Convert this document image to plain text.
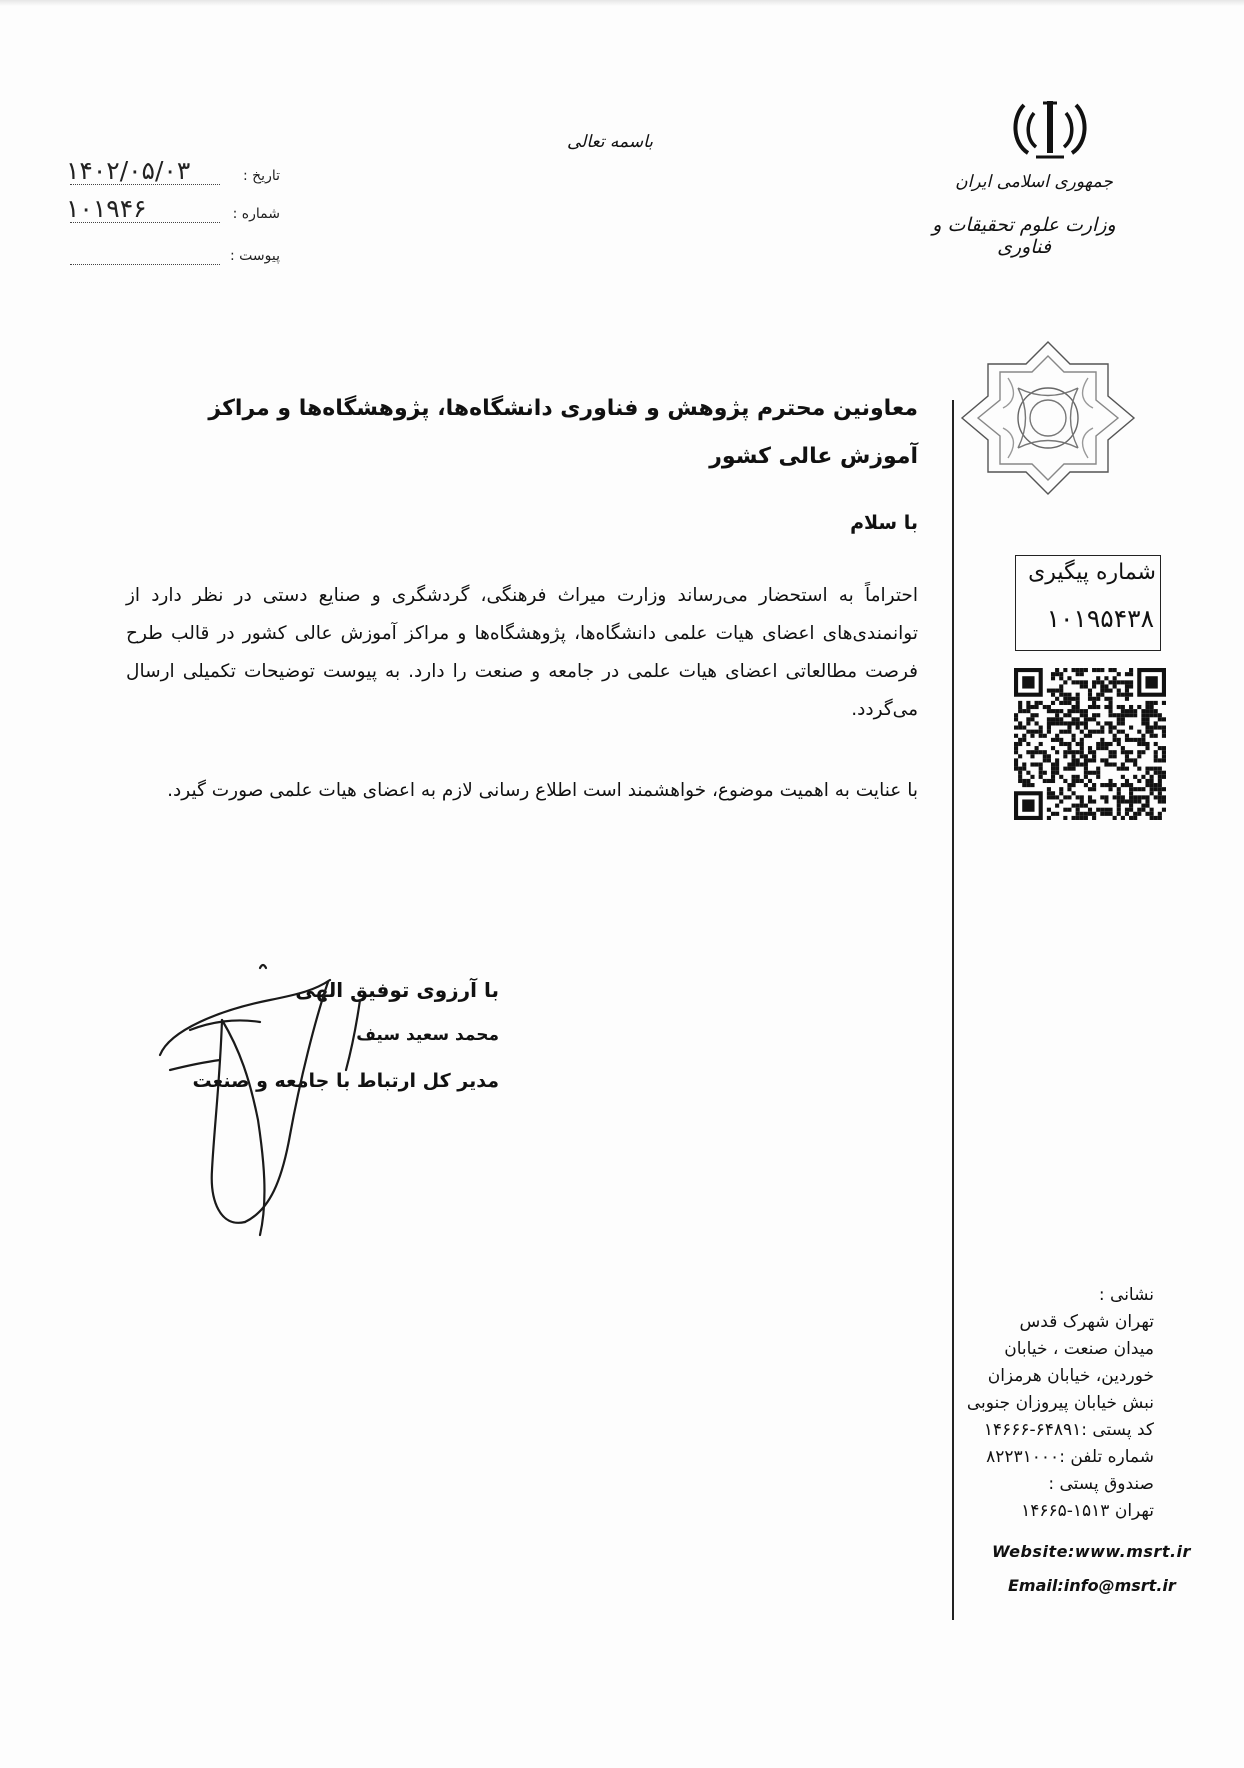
جمهوری اسلامی ایران
وزارت علوم تحقیقات و فناوری
باسمه تعالی
تاریخ :
۱۴۰۲/۰۵/۰۳
شماره :
۱۰۱۹۴۶
پیوست :
شماره پیگیری
۱۰۱۹۵۴۳۸
معاونین محترم پژوهش و فناوری دانشگاه‌ها، پژوهشگاه‌ها و مراکز آموزش عالی کشور
با سلام
احتراماً به استحضار می‌رساند وزارت میراث فرهنگی، گردشگری و صنایع دستی در نظر دارد از توانمندی‌های اعضای هیات علمی دانشگاه‌ها، پژوهشگاه‌ها و مراکز آموزش عالی کشور در قالب طرح فرصت مطالعاتی اعضای هیات علمی در جامعه و صنعت را دارد. به پیوست توضیحات تکمیلی ارسال می‌گردد.
با عنایت به اهمیت موضوع، خواهشمند است اطلاع رسانی لازم به اعضای هیات علمی صورت گیرد.
با آرزوی توفیق الهی
محمد سعید سیف
مدیر کل ارتباط با جامعه و صنعت
نشانی :
تهران شهرک قدس
میدان صنعت ، خیابان
خوردین، خیابان هرمزان
نبش خیابان پیروزان جنوبی
کد پستی :۶۴۸۹۱-۱۴۶۶۶
شماره تلفن :۸۲۲۳۱۰۰۰
صندوق پستی :
تهران ۱۵۱۳-۱۴۶۶۵
Website:www.msrt.ir
Email:info@msrt.ir
